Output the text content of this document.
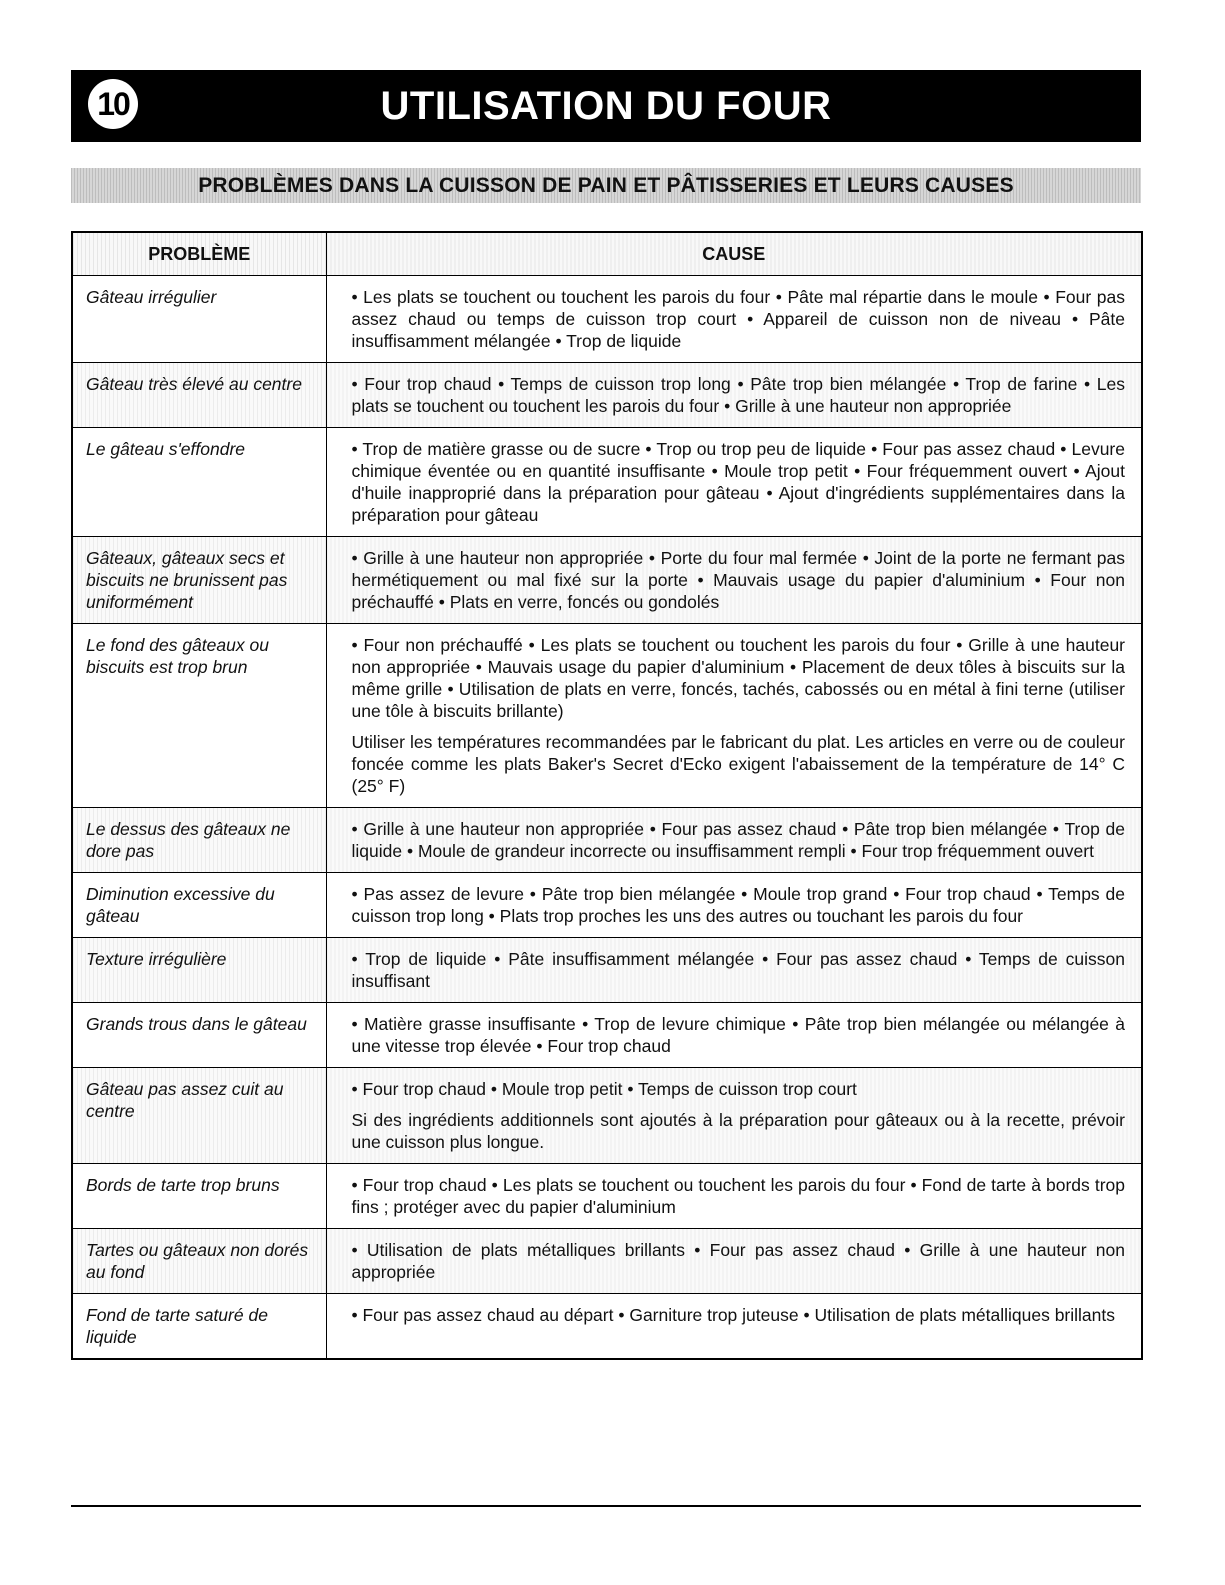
10	UTILISATION DU FOUR
PROBLÈMES DANS LA CUISSON DE PAIN ET PÂTISSERIES ET LEURS CAUSES
PROBLÈME	CAUSE
Gâteau irrégulier	• Les plats se touchent ou touchent les parois du four • Pâte mal répartie dans le moule • Four pas assez chaud ou temps de cuisson trop court • Appareil de cuisson non de niveau • Pâte insuffisamment mélangée • Trop de liquide

Gâteau très élevé au centre	• Four trop chaud • Temps de cuisson trop long • Pâte trop bien mélangée • Trop de farine • Les plats se touchent ou touchent les parois du four • Grille à une hauteur non appropriée

Le gâteau s'effondre	• Trop de matière grasse ou de sucre • Trop ou trop peu de liquide • Four pas assez chaud • Levure chimique éventée ou en quantité insuffisante • Moule trop petit • Four fréquemment ouvert • Ajout d'huile inapproprié dans la préparation pour gâteau • Ajout d'ingrédients supplémentaires dans la préparation pour gâteau

Gâteaux, gâteaux secs et biscuits ne brunissent pas uniformément	• Grille à une hauteur non appropriée • Porte du four mal fermée • Joint de la porte ne fermant pas hermétiquement ou mal fixé sur la porte • Mauvais usage du papier d'aluminium • Four non préchauffé • Plats en verre, foncés ou gondolés

Le fond des gâteaux ou biscuits est trop brun	• Four non préchauffé • Les plats se touchent ou touchent les parois du four • Grille à une hauteur non appropriée • Mauvais usage du papier d'aluminium • Placement de deux tôles à biscuits sur la même grille • Utilisation de plats en verre, foncés, tachés, cabossés ou en métal à fini terne (utiliser une tôle à biscuits brillante)

Utiliser les températures recommandées par le fabricant du plat. Les articles en verre ou de couleur foncée comme les plats Baker's Secret d'Ecko exigent l'abaissement de la température de 14° C (25° F)

Le dessus des gâteaux ne dore pas	• Grille à une hauteur non appropriée • Four pas assez chaud • Pâte trop bien mélangée • Trop de liquide • Moule de grandeur incorrecte ou insuffisamment rempli • Four trop fréquemment ouvert

Diminution excessive du gâteau	• Pas assez de levure • Pâte trop bien mélangée • Moule trop grand • Four trop chaud • Temps de cuisson trop long • Plats trop proches les uns des autres ou touchant les parois du four

Texture irrégulière	• Trop de liquide • Pâte insuffisamment mélangée • Four pas assez chaud • Temps de cuisson insuffisant

Grands trous dans le gâteau	• Matière grasse insuffisante • Trop de levure chimique • Pâte trop bien mélangée ou mélangée à une vitesse trop élevée • Four trop chaud

Gâteau pas assez cuit au centre	• Four trop chaud • Moule trop petit • Temps de cuisson trop court

Si des ingrédients additionnels sont ajoutés à la préparation pour gâteaux ou à la recette, prévoir une cuisson plus longue.

Bords de tarte trop bruns	• Four trop chaud • Les plats se touchent ou touchent les parois du four • Fond de tarte à bords trop fins ; protéger avec du papier d'aluminium

Tartes ou gâteaux non dorés au fond	• Utilisation de plats métalliques brillants • Four pas assez chaud • Grille à une hauteur non appropriée

Fond de tarte saturé de liquide	• Four pas assez chaud au départ • Garniture trop juteuse • Utilisation de plats métalliques brillants
